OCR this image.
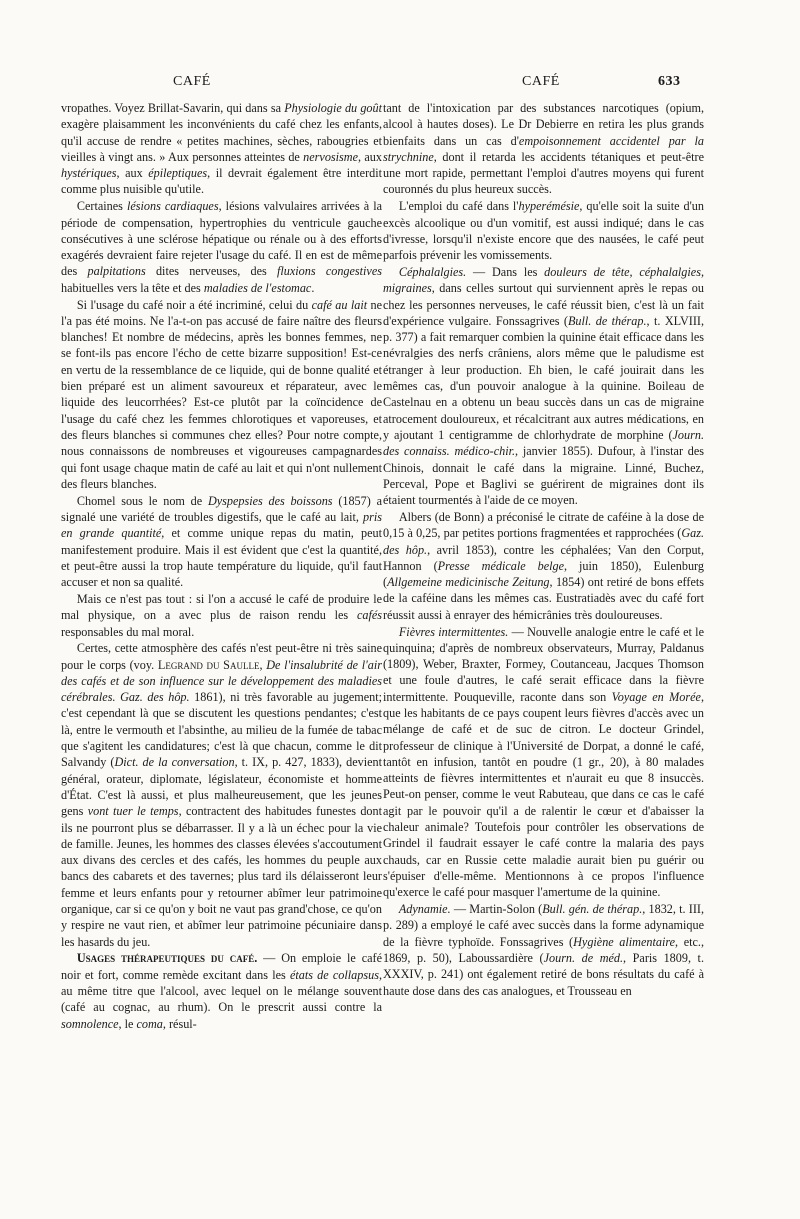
CAFÉ	CAFÉ	633

vropathes. Voyez Brillat-Savarin, qui dans sa Physiologie du goût exagère plaisamment les inconvénients du café chez les enfants, qu'il accuse de rendre « petites machines, sèches, rabougries et vieilles à vingt ans. » Aux personnes atteintes de nervosisme, aux hystériques, aux épileptiques, il devrait également être interdit comme plus nuisible qu'utile.

Certaines lésions cardiaques, lésions valvulaires arrivées à la période de compensation, hypertrophies du ventricule gauche consécutives à une sclérose hépatique ou rénale ou à des efforts exagérés devraient faire rejeter l'usage du café. Il en est de même des palpitations dites nerveuses, des fluxions congestives habituelles vers la tête et des maladies de l'estomac.

Si l'usage du café noir a été incriminé, celui du café au lait ne l'a pas été moins. Ne l'a-t-on pas accusé de faire naître des fleurs blanches! Et nombre de médecins, après les bonnes femmes, ne se font-ils pas encore l'écho de cette bizarre supposition! Est-ce en vertu de la ressemblance de ce liquide, qui de bonne qualité et bien préparé est un aliment savoureux et réparateur, avec le liquide des leucorrhées? Est-ce plutôt par la coïncidence de l'usage du café chez les femmes chlorotiques et vaporeuses, et des fleurs blanches si communes chez elles? Pour notre compte, nous connaissons de nombreuses et vigoureuses campagnardes qui font usage chaque matin de café au lait et qui n'ont nullement des fleurs blanches.

Chomel sous le nom de Dyspepsies des boissons (1857) a signalé une variété de troubles digestifs, que le café au lait, pris en grande quantité, et comme unique repas du matin, peut manifestement produire. Mais il est évident que c'est la quantité, et peut-être aussi la trop haute température du liquide, qu'il faut accuser et non sa qualité.

Mais ce n'est pas tout : si l'on a accusé le café de produire le mal physique, on a avec plus de raison rendu les cafés responsables du mal moral.

Certes, cette atmosphère des cafés n'est peut-être ni très saine pour le corps (voy. Legrand du Saulle, De l'insalubrité de l'air des cafés et de son influence sur le développement des maladies cérébrales. Gaz. des hôp. 1861), ni très favorable au jugement; c'est cependant là que se discutent les questions pendantes; c'est là, entre le vermouth et l'absinthe, au milieu de la fumée de tabac que s'agitent les candidatures; c'est là que chacun, comme le dit Salvandy (Dict. de la conversation, t. IX, p. 427, 1833), devient général, orateur, diplomate, législateur, économiste et homme d'État. C'est là aussi, et plus malheureusement, que les jeunes gens vont tuer le temps, contractent des habitudes funestes dont ils ne pourront plus se débarrasser. Il y a là un échec pour la vie de famille. Jeunes, les hommes des classes élevées s'accoutument aux divans des cercles et des cafés, les hommes du peuple aux bancs des cabarets et des tavernes; plus tard ils délaisseront leur femme et leurs enfants pour y retourner abîmer leur patrimoine organique, car si ce qu'on y boit ne vaut pas grand'chose, ce qu'on y respire ne vaut rien, et abîmer leur patrimoine pécuniaire dans les hasards du jeu.

Usages thérapeutiques du café. — On emploie le café noir et fort, comme remède excitant dans les états de collapsus, au même titre que l'alcool, avec lequel on le mélange souvent (café au cognac, au rhum). On le prescrit aussi contre la somnolence, le coma, résul-

tant de l'intoxication par des substances narcotiques (opium, alcool à hautes doses). Le Dr Debierre en retira les plus grands bienfaits dans un cas d'empoisonnement accidentel par la strychnine, dont il retarda les accidents tétaniques et peut-être une mort rapide, permettant l'emploi d'autres moyens qui furent couronnés du plus heureux succès.

L'emploi du café dans l'hyperémésie, qu'elle soit la suite d'un excès alcoolique ou d'un vomitif, est aussi indiqué; dans le cas d'ivresse, lorsqu'il n'existe encore que des nausées, le café peut parfois prévenir les vomissements.

Céphalalgies. — Dans les douleurs de tête, céphalalgies, migraines, dans celles surtout qui surviennent après le repas ou chez les personnes nerveuses, le café réussit bien, c'est là un fait d'expérience vulgaire. Fonssagrives (Bull. de thérap., t. XLVIII, p. 377) a fait remarquer combien la quinine était efficace dans les névralgies des nerfs crâniens, alors même que le paludisme est étranger à leur production. Eh bien, le café jouirait dans les mêmes cas, d'un pouvoir analogue à la quinine. Boileau de Castelnau en a obtenu un beau succès dans un cas de migraine atrocement douloureux, et récalcitrant aux autres médications, en y ajoutant 1 centigramme de chlorhydrate de morphine (Journ. des connaiss. médico-chir., janvier 1855). Dufour, à l'instar des Chinois, donnait le café dans la migraine. Linné, Buchez, Perceval, Pope et Baglivi se guérirent de migraines dont ils étaient tourmentés à l'aide de ce moyen.

Albers (de Bonn) a préconisé le citrate de caféine à la dose de 0,15 à 0,25, par petites portions fragmentées et rapprochées (Gaz. des hôp., avril 1853), contre les céphalées; Van den Corput, Hannon (Presse médicale belge, juin 1850), Eulenburg (Allgemeine medicinische Zeitung, 1854) ont retiré de bons effets de la caféine dans les mêmes cas. Eustratiadès avec du café fort réussit aussi à enrayer des hémicrânies très douloureuses.

Fièvres intermittentes. — Nouvelle analogie entre le café et le quinquina; d'après de nombreux observateurs, Murray, Paldanus (1809), Weber, Braxter, Formey, Coutanceau, Jacques Thomson et une foule d'autres, le café serait efficace dans la fièvre intermittente. Pouqueville, raconte dans son Voyage en Morée, que les habitants de ce pays coupent leurs fièvres d'accès avec un mélange de café et de suc de citron. Le docteur Grindel, professeur de clinique à l'Université de Dorpat, a donné le café, tantôt en infusion, tantôt en poudre (1 gr., 20), à 80 malades atteints de fièvres intermittentes et n'aurait eu que 8 insuccès. Peut-on penser, comme le veut Rabuteau, que dans ce cas le café agit par le pouvoir qu'il a de ralentir le cœur et d'abaisser la chaleur animale? Toutefois pour contrôler les observations de Grindel il faudrait essayer le café contre la malaria des pays chauds, car en Russie cette maladie aurait bien pu guérir ou s'épuiser d'elle-même. Mentionnons à ce propos l'influence qu'exerce le café pour masquer l'amertume de la quinine.

Adynamie. — Martin-Solon (Bull. gén. de thérap., 1832, t. III, p. 289) a employé le café avec succès dans la forme adynamique de la fièvre typhoïde. Fonssagrives (Hygiène alimentaire, etc., 1869, p. 50), Laboussardière (Journ. de méd., Paris 1809, t. XXXIV, p. 241) ont également retiré de bons résultats du café à haute dose dans des cas analogues, et Trousseau en
